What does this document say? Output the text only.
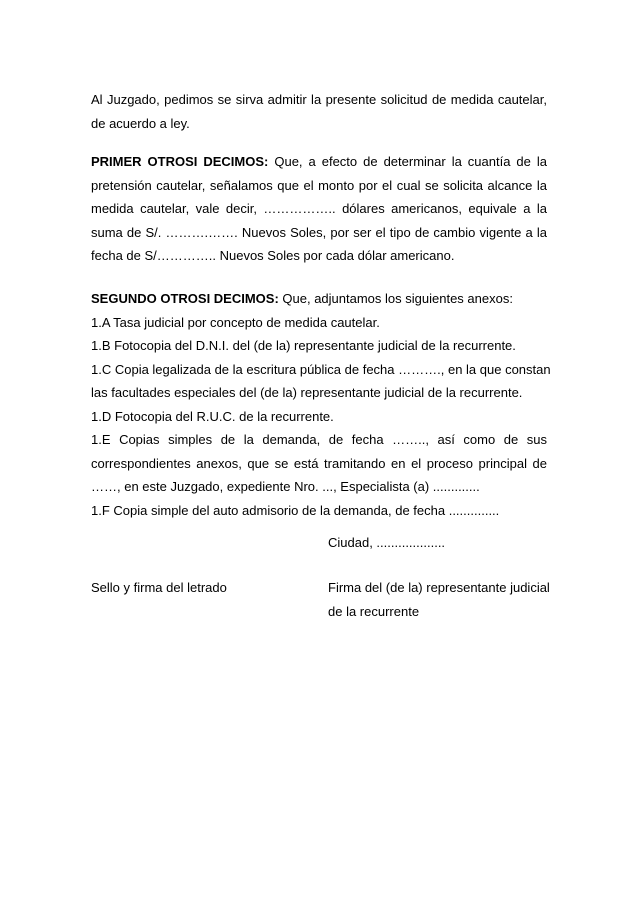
Al Juzgado, pedimos se sirva admitir la presente solicitud de medida cautelar,
de acuerdo a ley.
PRIMER OTROSI DECIMOS: Que, a efecto de determinar la cuantía de la
pretensión cautelar, señalamos que el monto por el cual se solicita alcance la
medida cautelar, vale decir, …………….. dólares americanos, equivale a la
suma de S/. ……….……. Nuevos Soles, por ser el tipo de cambio vigente a la
fecha de S/………….. Nuevos Soles por cada dólar americano.
SEGUNDO OTROSI DECIMOS: Que, adjuntamos los siguientes anexos:
1.A Tasa judicial por concepto de medida cautelar.
1.B Fotocopia del D.N.I. del (de la) representante judicial de la recurrente.
1.C Copia legalizada de la escritura pública de fecha ………., en la que constan
las facultades especiales del (de la) representante judicial de la recurrente.
1.D Fotocopia del R.U.C. de la recurrente.
1.E Copias simples de la demanda, de fecha …….., así como de sus
correspondientes anexos, que se está tramitando en el proceso principal de
……, en este Juzgado, expediente Nro. ..., Especialista (a) .............
1.F Copia simple del auto admisorio de la demanda, de fecha ..............
Ciudad, ...................
Sello y firma del letrado	Firma del (de la) representante judicial
de la recurrente
